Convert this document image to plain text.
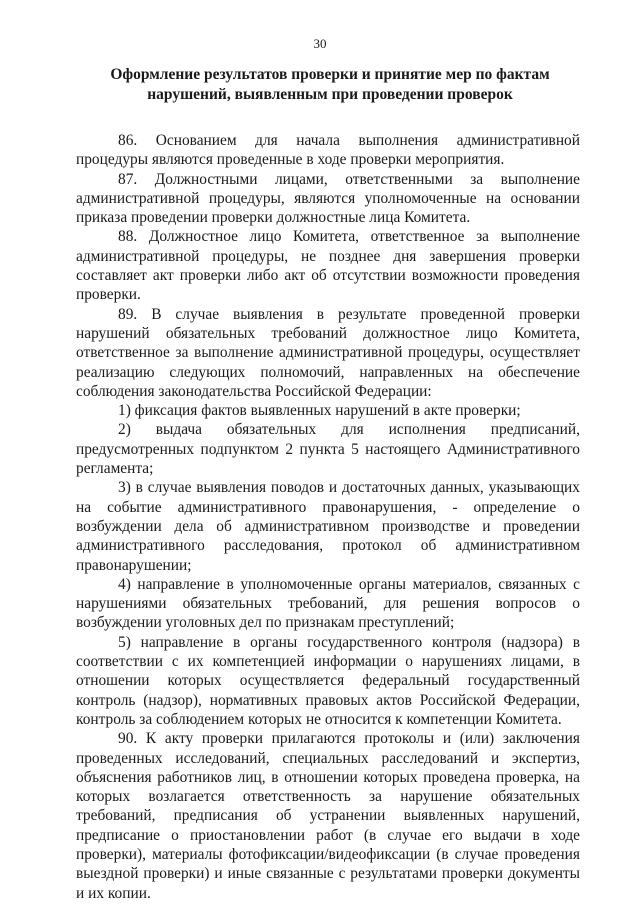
30
Оформление результатов проверки и принятие мер по фактам нарушений, выявленным при проведении проверок

86. Основанием для начала выполнения административной процедуры являются проведенные в ходе проверки мероприятия.

87. Должностными лицами, ответственными за выполнение административной процедуры, являются уполномоченные на основании приказа проведении проверки должностные лица Комитета.

88. Должностное лицо Комитета, ответственное за выполнение административной процедуры, не позднее дня завершения проверки составляет акт проверки либо акт об отсутствии возможности проведения проверки.

89. В случае выявления в результате проведенной проверки нарушений обязательных требований должностное лицо Комитета, ответственное за выполнение административной процедуры, осуществляет реализацию следующих полномочий, направленных на обеспечение соблюдения законодательства Российской Федерации:

1) фиксация фактов выявленных нарушений в акте проверки;

2) выдача обязательных для исполнения предписаний, предусмотренных подпунктом 2 пункта 5 настоящего Административного регламента;

3) в случае выявления поводов и достаточных данных, указывающих на событие административного правонарушения, - определение о возбуждении дела об административном производстве и проведении административного расследования, протокол об административном правонарушении;

4) направление в уполномоченные органы материалов, связанных с нарушениями обязательных требований, для решения вопросов о возбуждении уголовных дел по признакам преступлений;

5) направление в органы государственного контроля (надзора) в соответствии с их компетенцией информации о нарушениях лицами, в отношении которых осуществляется федеральный государственный контроль (надзор), нормативных правовых актов Российской Федерации, контроль за соблюдением которых не относится к компетенции Комитета.

90. К акту проверки прилагаются протоколы и (или) заключения проведенных исследований, специальных расследований и экспертиз, объяснения работников лиц, в отношении которых проведена проверка, на которых возлагается ответственность за нарушение обязательных требований, предписания об устранении выявленных нарушений, предписание о приостановлении работ (в случае его выдачи в ходе проверки), материалы фотофиксации/видеофиксации (в случае проведения выездной проверки) и иные связанные с результатами проверки документы и их копии.
